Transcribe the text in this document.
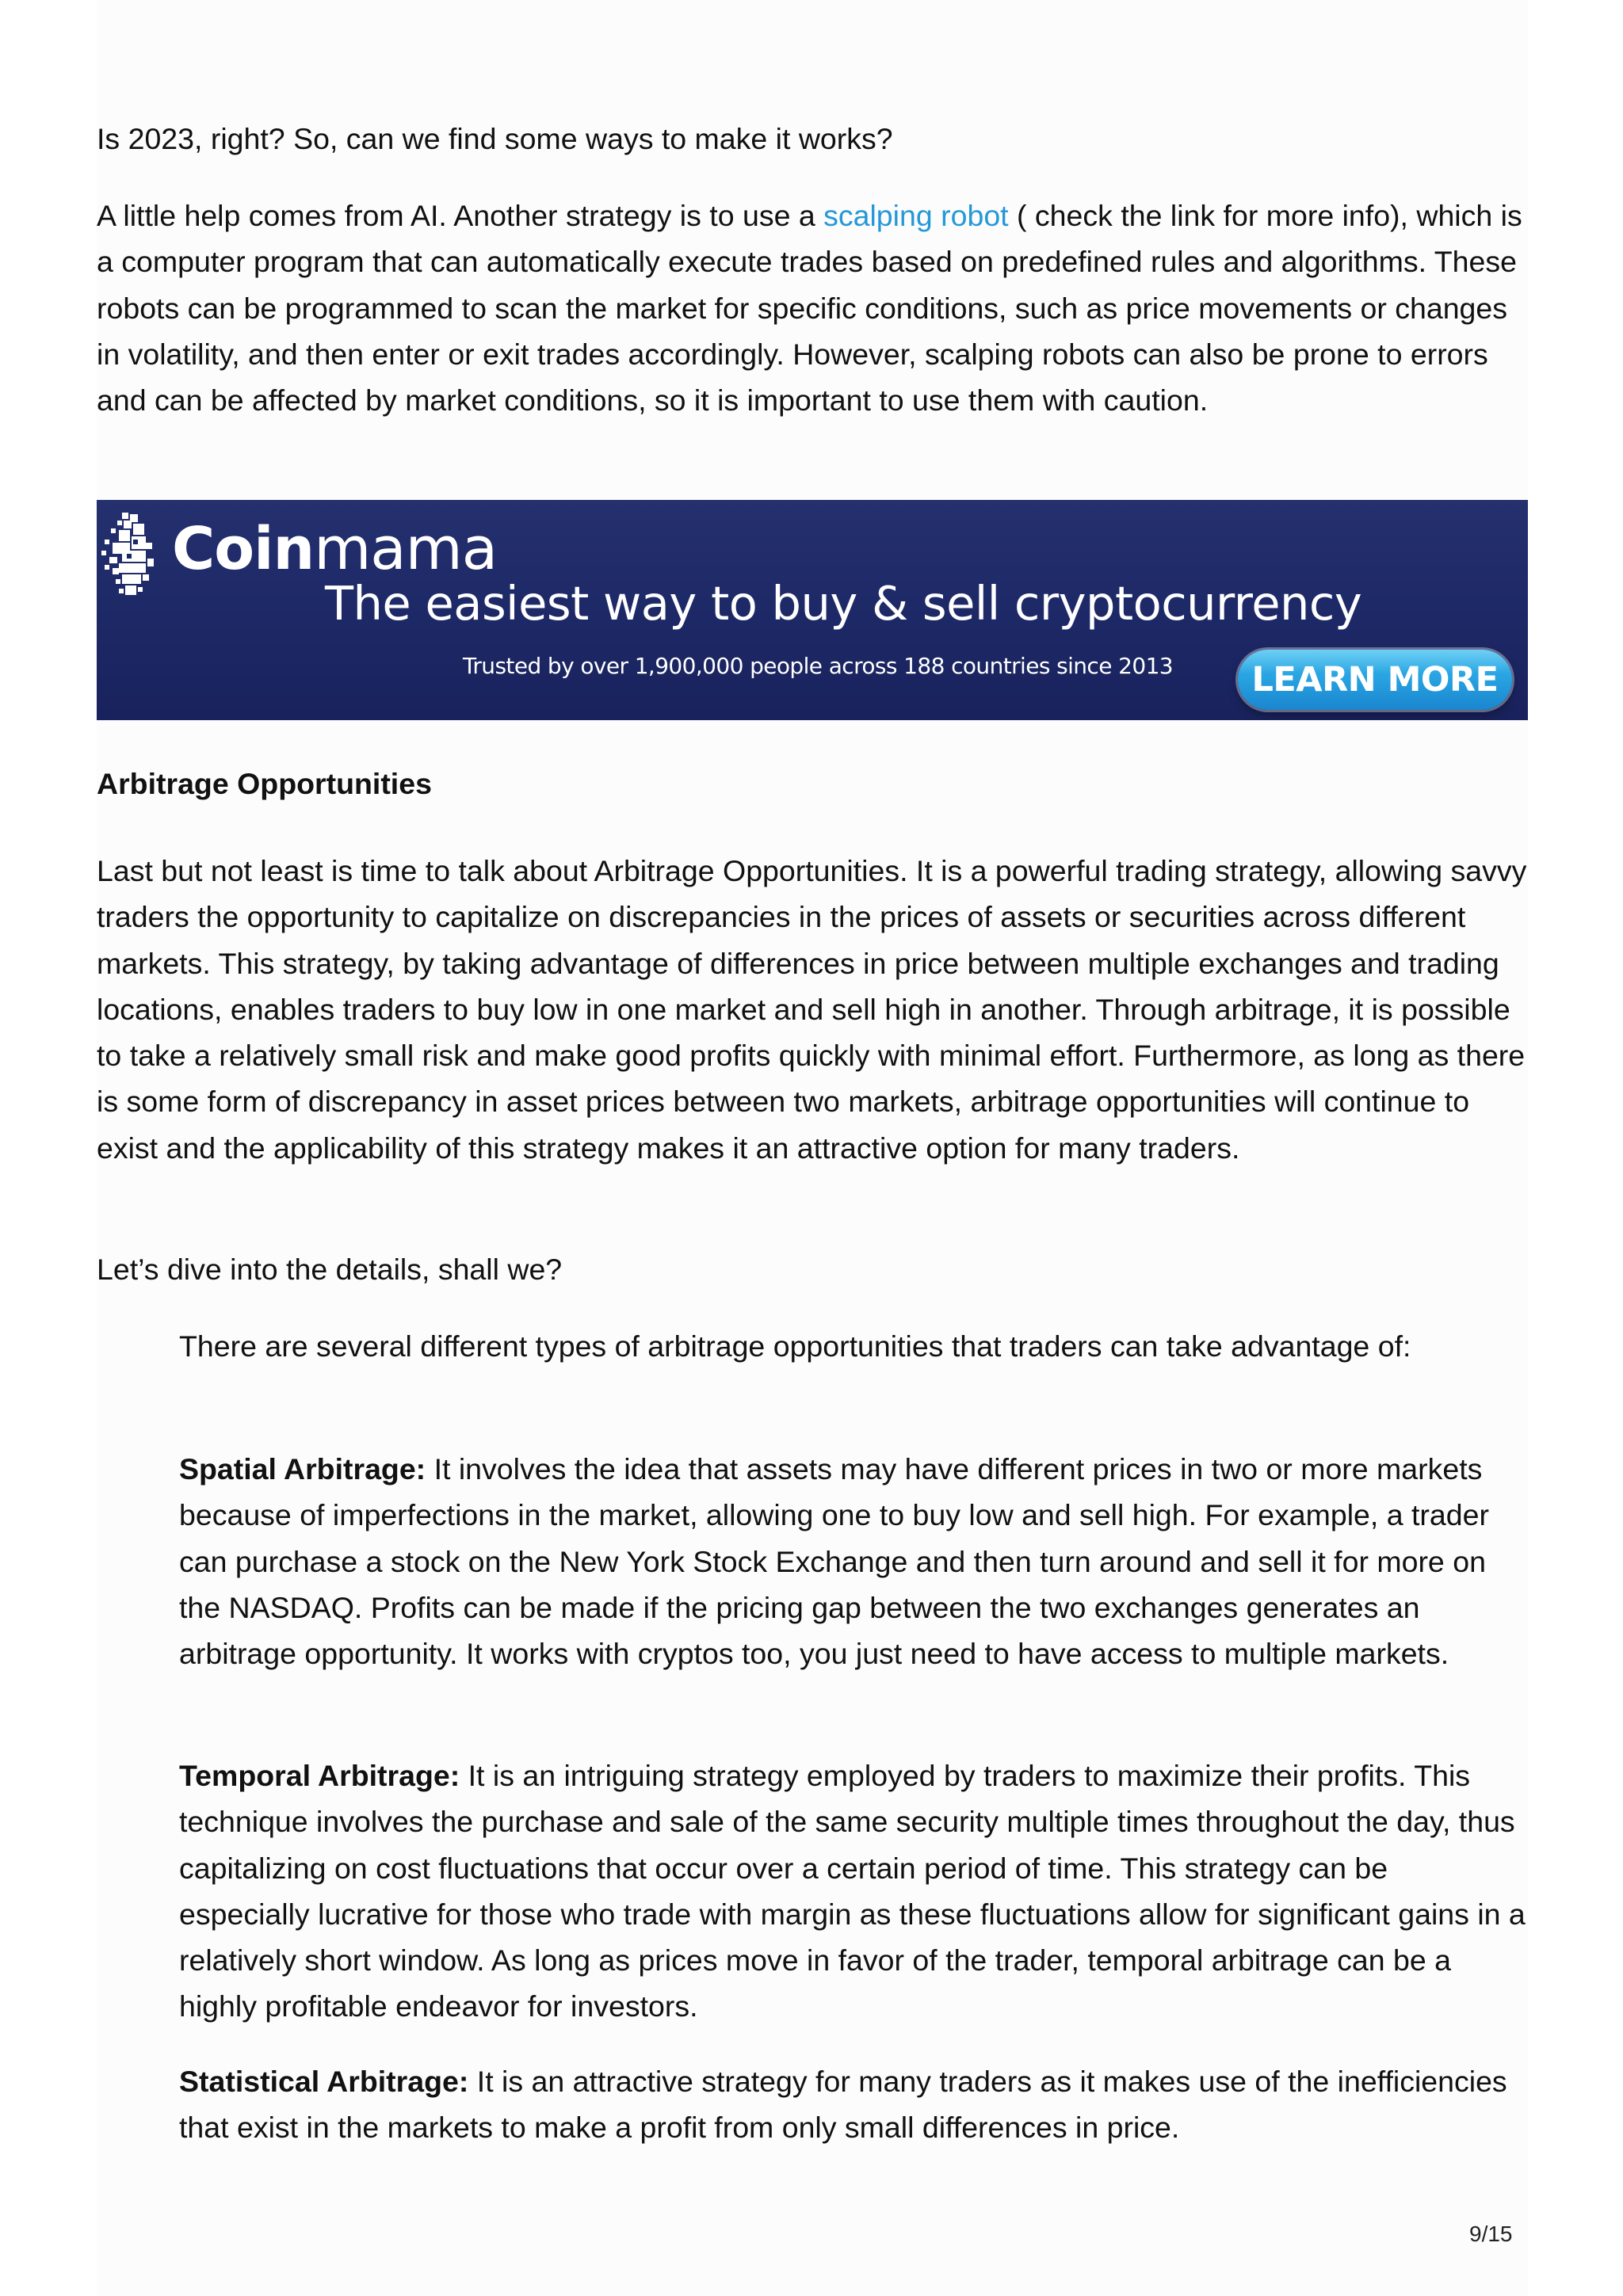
Is 2023, right? So, can we find some ways to make it works?

A little help comes from AI. Another strategy is to use a scalping robot ( check the link for more info), which is a computer program that can automatically execute trades based on predefined rules and algorithms. These robots can be programmed to scan the market for specific conditions, such as price movements or changes in volatility, and then enter or exit trades accordingly. However, scalping robots can also be prone to errors and can be affected by market conditions, so it is important to use them with caution.

Coinmama
The easiest way to buy & sell cryptocurrency
Trusted by over 1,900,000 people across 188 countries since 2013	LEARN MORE
Arbitrage Opportunities

Last but not least is time to talk about Arbitrage Opportunities. It is a powerful trading strategy, allowing savvy traders the opportunity to capitalize on discrepancies in the prices of assets or securities across different markets. This strategy, by taking advantage of differences in price between multiple exchanges and trading locations, enables traders to buy low in one market and sell high in another. Through arbitrage, it is possible to take a relatively small risk and make good profits quickly with minimal effort. Furthermore, as long as there is some form of discrepancy in asset prices between two markets, arbitrage opportunities will continue to exist and the applicability of this strategy makes it an attractive option for many traders.

Let’s dive into the details, shall we?

There are several different types of arbitrage opportunities that traders can take advantage of:

Spatial Arbitrage: It involves the idea that assets may have different prices in two or more markets because of imperfections in the market, allowing one to buy low and sell high. For example, a trader can purchase a stock on the New York Stock Exchange and then turn around and sell it for more on the NASDAQ. Profits can be made if the pricing gap between the two exchanges generates an arbitrage opportunity. It works with cryptos too, you just need to have access to multiple markets.

Temporal Arbitrage: It is an intriguing strategy employed by traders to maximize their profits. This technique involves the purchase and sale of the same security multiple times throughout the day, thus capitalizing on cost fluctuations that occur over a certain period of time. This strategy can be especially lucrative for those who trade with margin as these fluctuations allow for significant gains in a relatively short window. As long as prices move in favor of the trader, temporal arbitrage can be a highly profitable endeavor for investors.

Statistical Arbitrage: It is an attractive strategy for many traders as it makes use of the inefficiencies that exist in the markets to make a profit from only small differences in price.

9/15
